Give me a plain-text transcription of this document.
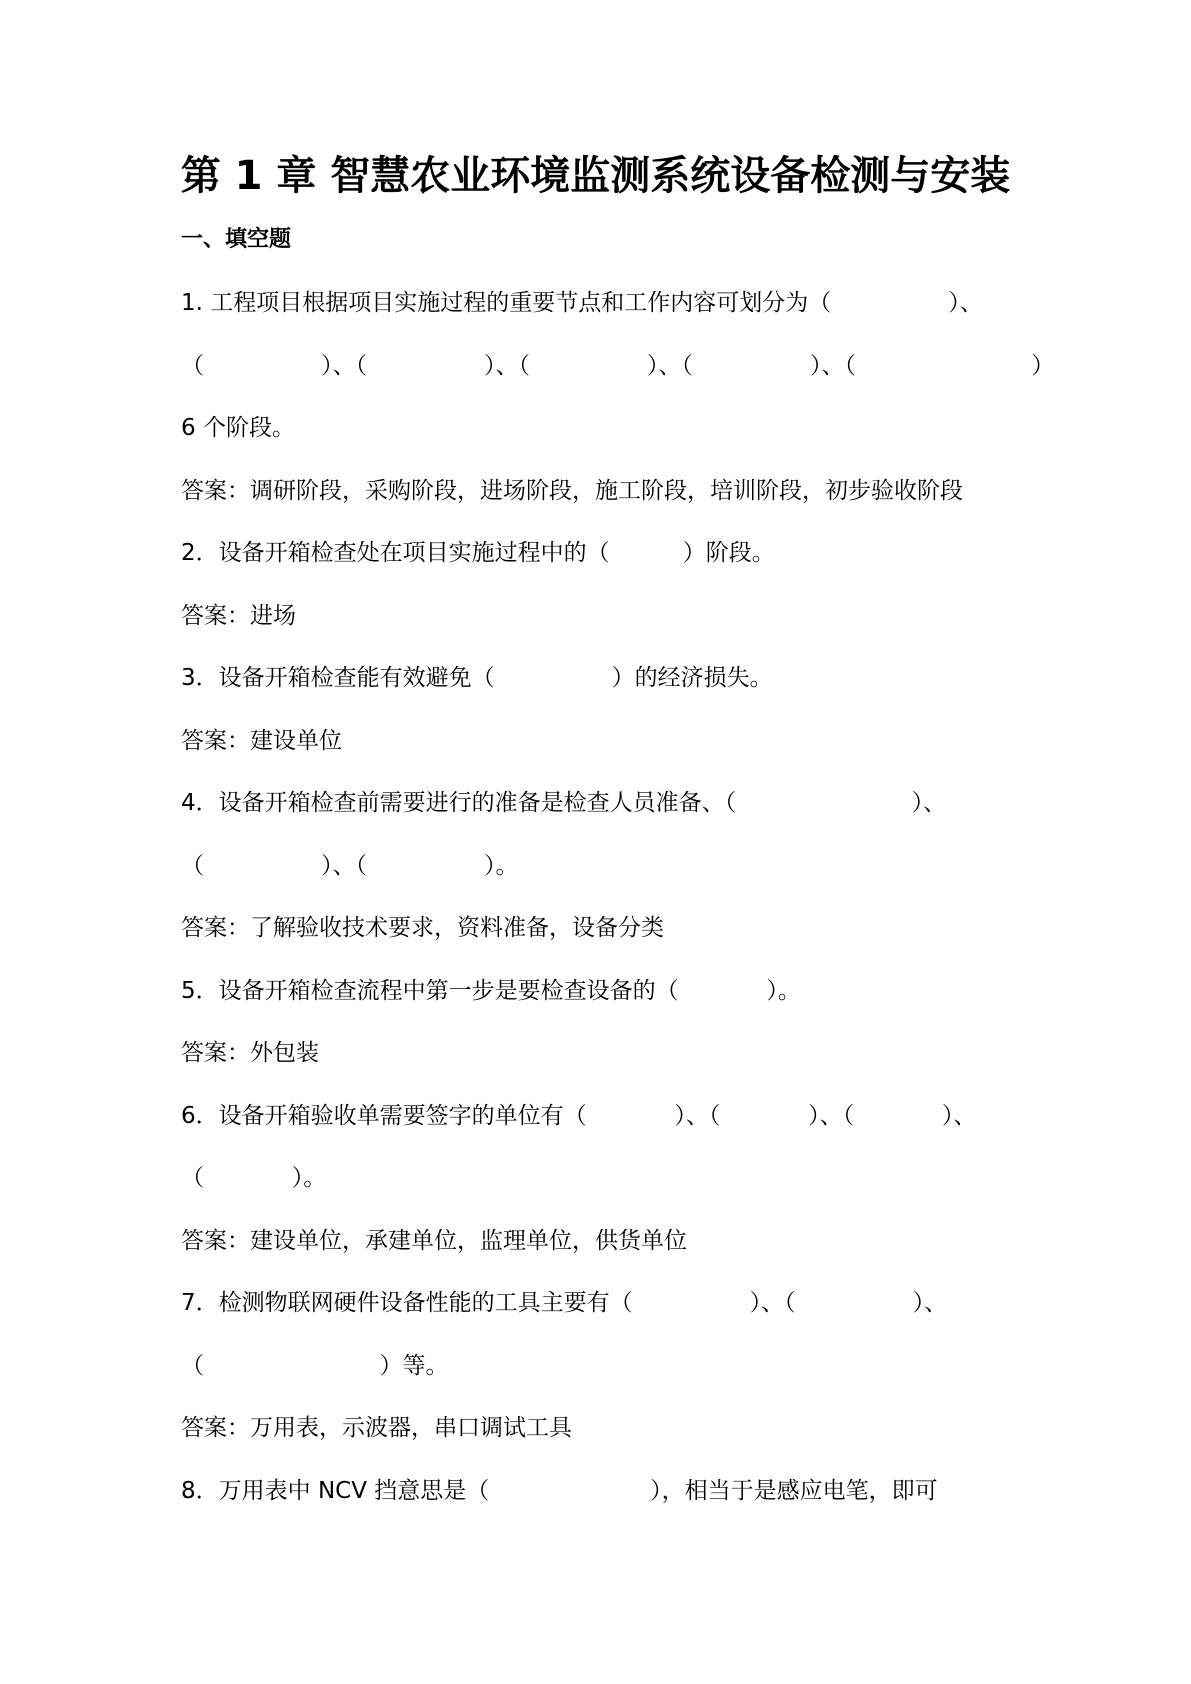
第 1 章 智慧农业环境监测系统设备检测与安装
一、填空题
1. 工程项目根据项目实施过程的重要节点和工作内容可划分为（                ）、
（                ）、（                ）、（                ）、（                ）、（                        ）
6 个阶段。
答案：调研阶段，采购阶段，进场阶段，施工阶段，培训阶段，初步验收阶段
2．设备开箱检查处在项目实施过程中的（          ）阶段。
答案：进场
3．设备开箱检查能有效避免（                ）的经济损失。
答案：建设单位
4．设备开箱检查前需要进行的准备是检查人员准备、（                        ）、
（                ）、（                ）。
答案：了解验收技术要求，资料准备，设备分类
5．设备开箱检查流程中第一步是要检查设备的（            ）。
答案：外包装
6．设备开箱验收单需要签字的单位有（            ）、（            ）、（            ）、
（            ）。
答案：建设单位，承建单位，监理单位，供货单位
7．检测物联网硬件设备性能的工具主要有（                ）、（                ）、
（                        ）等。
答案：万用表，示波器，串口调试工具
8．万用表中 NCV 挡意思是（                      ），相当于是感应电笔，即可
